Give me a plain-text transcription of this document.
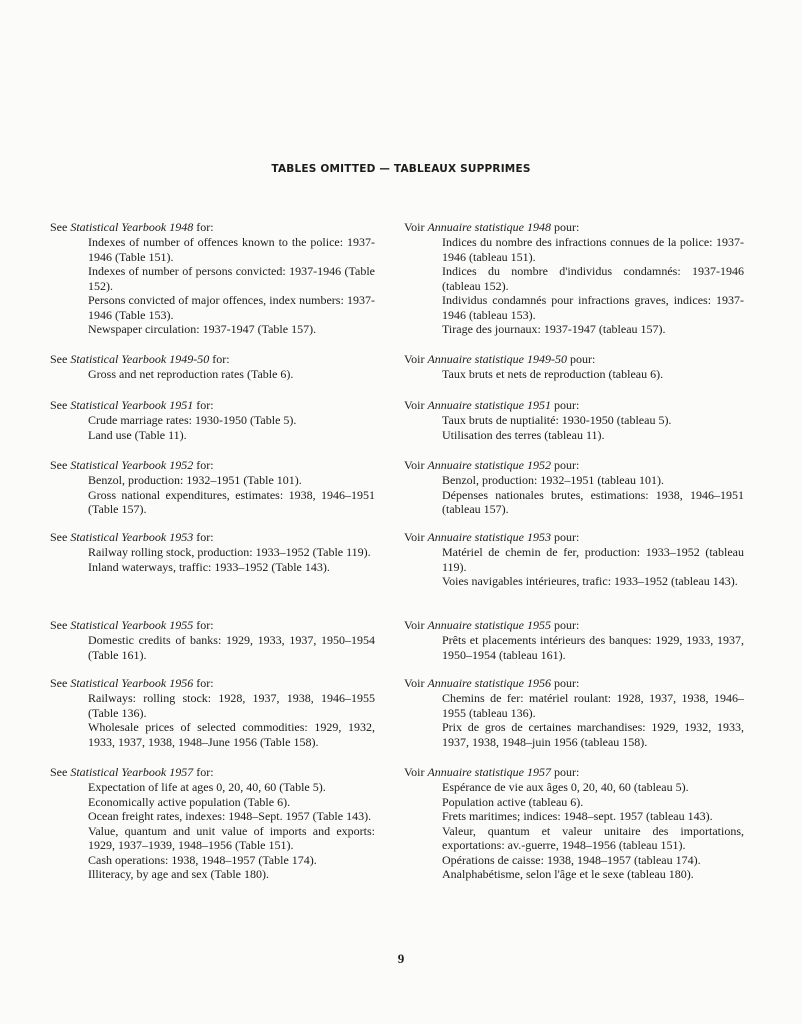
TABLES OMITTED — TABLEAUX SUPPRIMES
See Statistical Yearbook 1948 for:
Indexes of number of offences known to the police: 1937-1946 (Table 151).
Indexes of number of persons convicted: 1937-1946 (Table 152).
Persons convicted of major offences, index numbers: 1937-1946 (Table 153).
Newspaper circulation: 1937-1947 (Table 157).
See Statistical Yearbook 1949-50 for:
Gross and net reproduction rates (Table 6).
See Statistical Yearbook 1951 for:
Crude marriage rates: 1930-1950 (Table 5).
Land use (Table 11).
See Statistical Yearbook 1952 for:
Benzol, production: 1932–1951 (Table 101).
Gross national expenditures, estimates: 1938, 1946–1951 (Table 157).
See Statistical Yearbook 1953 for:
Railway rolling stock, production: 1933–1952 (Table 119).
Inland waterways, traffic: 1933–1952 (Table 143).
See Statistical Yearbook 1955 for:
Domestic credits of banks: 1929, 1933, 1937, 1950–1954 (Table 161).
See Statistical Yearbook 1956 for:
Railways: rolling stock: 1928, 1937, 1938, 1946–1955 (Table 136).
Wholesale prices of selected commodities: 1929, 1932, 1933, 1937, 1938, 1948–June 1956 (Table 158).
See Statistical Yearbook 1957 for:
Expectation of life at ages 0, 20, 40, 60 (Table 5).
Economically active population (Table 6).
Ocean freight rates, indexes: 1948–Sept. 1957 (Table 143).
Value, quantum and unit value of imports and exports: 1929, 1937–1939, 1948–1956 (Table 151).
Cash operations: 1938, 1948–1957 (Table 174).
Illiteracy, by age and sex (Table 180).
Voir Annuaire statistique 1948 pour:
Indices du nombre des infractions connues de la police: 1937-1946 (tableau 151).
Indices du nombre d'individus condamnés: 1937-1946 (tableau 152).
Individus condamnés pour infractions graves, indices: 1937-1946 (tableau 153).
Tirage des journaux: 1937-1947 (tableau 157).
Voir Annuaire statistique 1949-50 pour:
Taux bruts et nets de reproduction (tableau 6).
Voir Annuaire statistique 1951 pour:
Taux bruts de nuptialité: 1930-1950 (tableau 5).
Utilisation des terres (tableau 11).
Voir Annuaire statistique 1952 pour:
Benzol, production: 1932–1951 (tableau 101).
Dépenses nationales brutes, estimations: 1938, 1946–1951 (tableau 157).
Voir Annuaire statistique 1953 pour:
Matériel de chemin de fer, production: 1933–1952 (tableau 119).
Voies navigables intérieures, trafic: 1933–1952 (tableau 143).
Voir Annuaire statistique 1955 pour:
Prêts et placements intérieurs des banques: 1929, 1933, 1937, 1950–1954 (tableau 161).
Voir Annuaire statistique 1956 pour:
Chemins de fer: matériel roulant: 1928, 1937, 1938, 1946–1955 (tableau 136).
Prix de gros de certaines marchandises: 1929, 1932, 1933, 1937, 1938, 1948–juin 1956 (tableau 158).
Voir Annuaire statistique 1957 pour:
Espérance de vie aux âges 0, 20, 40, 60 (tableau 5).
Population active (tableau 6).
Frets maritimes; indices: 1948–sept. 1957 (tableau 143).
Valeur, quantum et valeur unitaire des importations, exportations: av.-guerre, 1948–1956 (tableau 151).
Opérations de caisse: 1938, 1948–1957 (tableau 174).
Analphabétisme, selon l'âge et le sexe (tableau 180).
9
